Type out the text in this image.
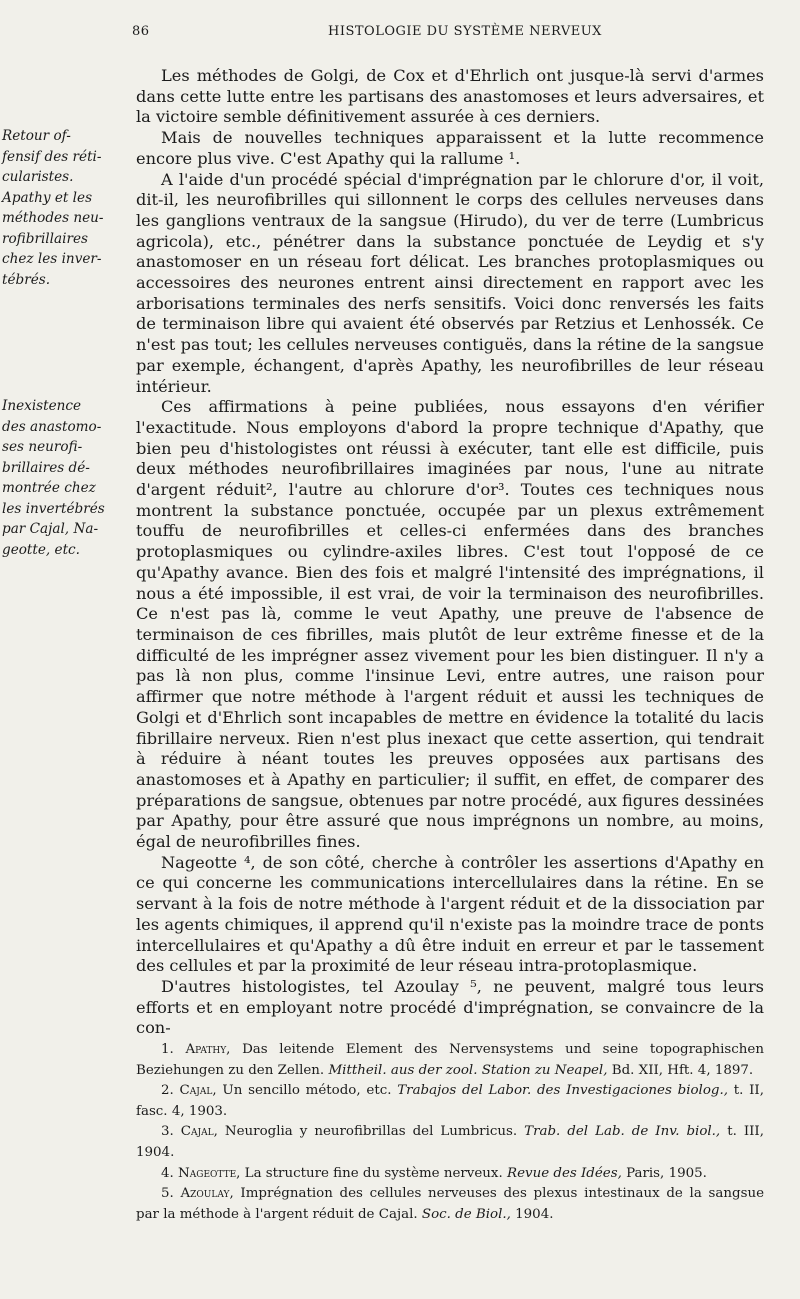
86	HISTOLOGIE DU SYSTÈME NERVEUX
Retour of-
fensif des réti-
cularistes.
Apathy et les
méthodes neu-
rofibrillaires
chez les inver-
tébrés.
Inexistence
des anastomo-
ses neurofi-
brillaires dé-
montrée chez
les invertébrés
par Cajal, Na-
geotte, etc.

Les méthodes de Golgi, de Cox et d'Ehrlich ont jusque-là servi d'armes dans cette lutte entre les partisans des anastomoses et leurs adversaires, et la victoire semble définitivement assurée à ces derniers.

Mais de nouvelles techniques apparaissent et la lutte recommence encore plus vive. C'est Apathy qui la rallume ¹.

A l'aide d'un procédé spécial d'imprégnation par le chlorure d'or, il voit, dit-il, les neurofibrilles qui sillonnent le corps des cellules nerveuses dans les ganglions ventraux de la sangsue (Hirudo), du ver de terre (Lumbricus agricola), etc., pénétrer dans la substance ponctuée de Leydig et s'y anastomoser en un réseau fort délicat. Les branches protoplasmiques ou accessoires des neurones entrent ainsi directement en rapport avec les arborisations terminales des nerfs sensitifs. Voici donc renversés les faits de terminaison libre qui avaient été observés par Retzius et Lenhossék. Ce n'est pas tout; les cellules nerveuses contiguës, dans la rétine de la sangsue par exemple, échangent, d'après Apathy, les neurofibrilles de leur réseau intérieur.

Ces affirmations à peine publiées, nous essayons d'en vérifier l'exactitude. Nous employons d'abord la propre technique d'Apathy, que bien peu d'histologistes ont réussi à exécuter, tant elle est difficile, puis deux méthodes neurofibrillaires imaginées par nous, l'une au nitrate d'argent réduit², l'autre au chlorure d'or³. Toutes ces techniques nous montrent la substance ponctuée, occupée par un plexus extrêmement touffu de neurofibrilles et celles-ci enfermées dans des branches protoplasmiques ou cylindre-axiles libres. C'est tout l'opposé de ce qu'Apathy avance. Bien des fois et malgré l'intensité des imprégnations, il nous a été impossible, il est vrai, de voir la terminaison des neurofibrilles. Ce n'est pas là, comme le veut Apathy, une preuve de l'absence de terminaison de ces fibrilles, mais plutôt de leur extrême finesse et de la difficulté de les imprégner assez vivement pour les bien distinguer. Il n'y a pas là non plus, comme l'insinue Levi, entre autres, une raison pour affirmer que notre méthode à l'argent réduit et aussi les techniques de Golgi et d'Ehrlich sont incapables de mettre en évidence la totalité du lacis fibrillaire nerveux. Rien n'est plus inexact que cette assertion, qui tendrait à réduire à néant toutes les preuves opposées aux partisans des anastomoses et à Apathy en particulier; il suffit, en effet, de comparer des préparations de sangsue, obtenues par notre procédé, aux figures dessinées par Apathy, pour être assuré que nous imprégnons un nombre, au moins, égal de neurofibrilles fines.

Nageotte ⁴, de son côté, cherche à contrôler les assertions d'Apathy en ce qui concerne les communications intercellulaires dans la rétine. En se servant à la fois de notre méthode à l'argent réduit et de la dissociation par les agents chimiques, il apprend qu'il n'existe pas la moindre trace de ponts intercellulaires et qu'Apathy a dû être induit en erreur et par le tassement des cellules et par la proximité de leur réseau intra-protoplasmique.

D'autres histologistes, tel Azoulay ⁵, ne peuvent, malgré tous leurs efforts et en employant notre procédé d'imprégnation, se convaincre de la con-

1. Apathy, Das leitende Element des Nervensystems und seine topographischen Beziehungen zu den Zellen. Mittheil. aus der zool. Station zu Neapel, Bd. XII, Hft. 4, 1897.

2. Cajal, Un sencillo método, etc. Trabajos del Labor. des Investigaciones biolog., t. II, fasc. 4, 1903.

3. Cajal, Neuroglia y neurofibrillas del Lumbricus. Trab. del Lab. de Inv. biol., t. III, 1904.

4. Nageotte, La structure fine du système nerveux. Revue des Idées, Paris, 1905.

5. Azoulay, Imprégnation des cellules nerveuses des plexus intestinaux de la sangsue par la méthode à l'argent réduit de Cajal. Soc. de Biol., 1904.
